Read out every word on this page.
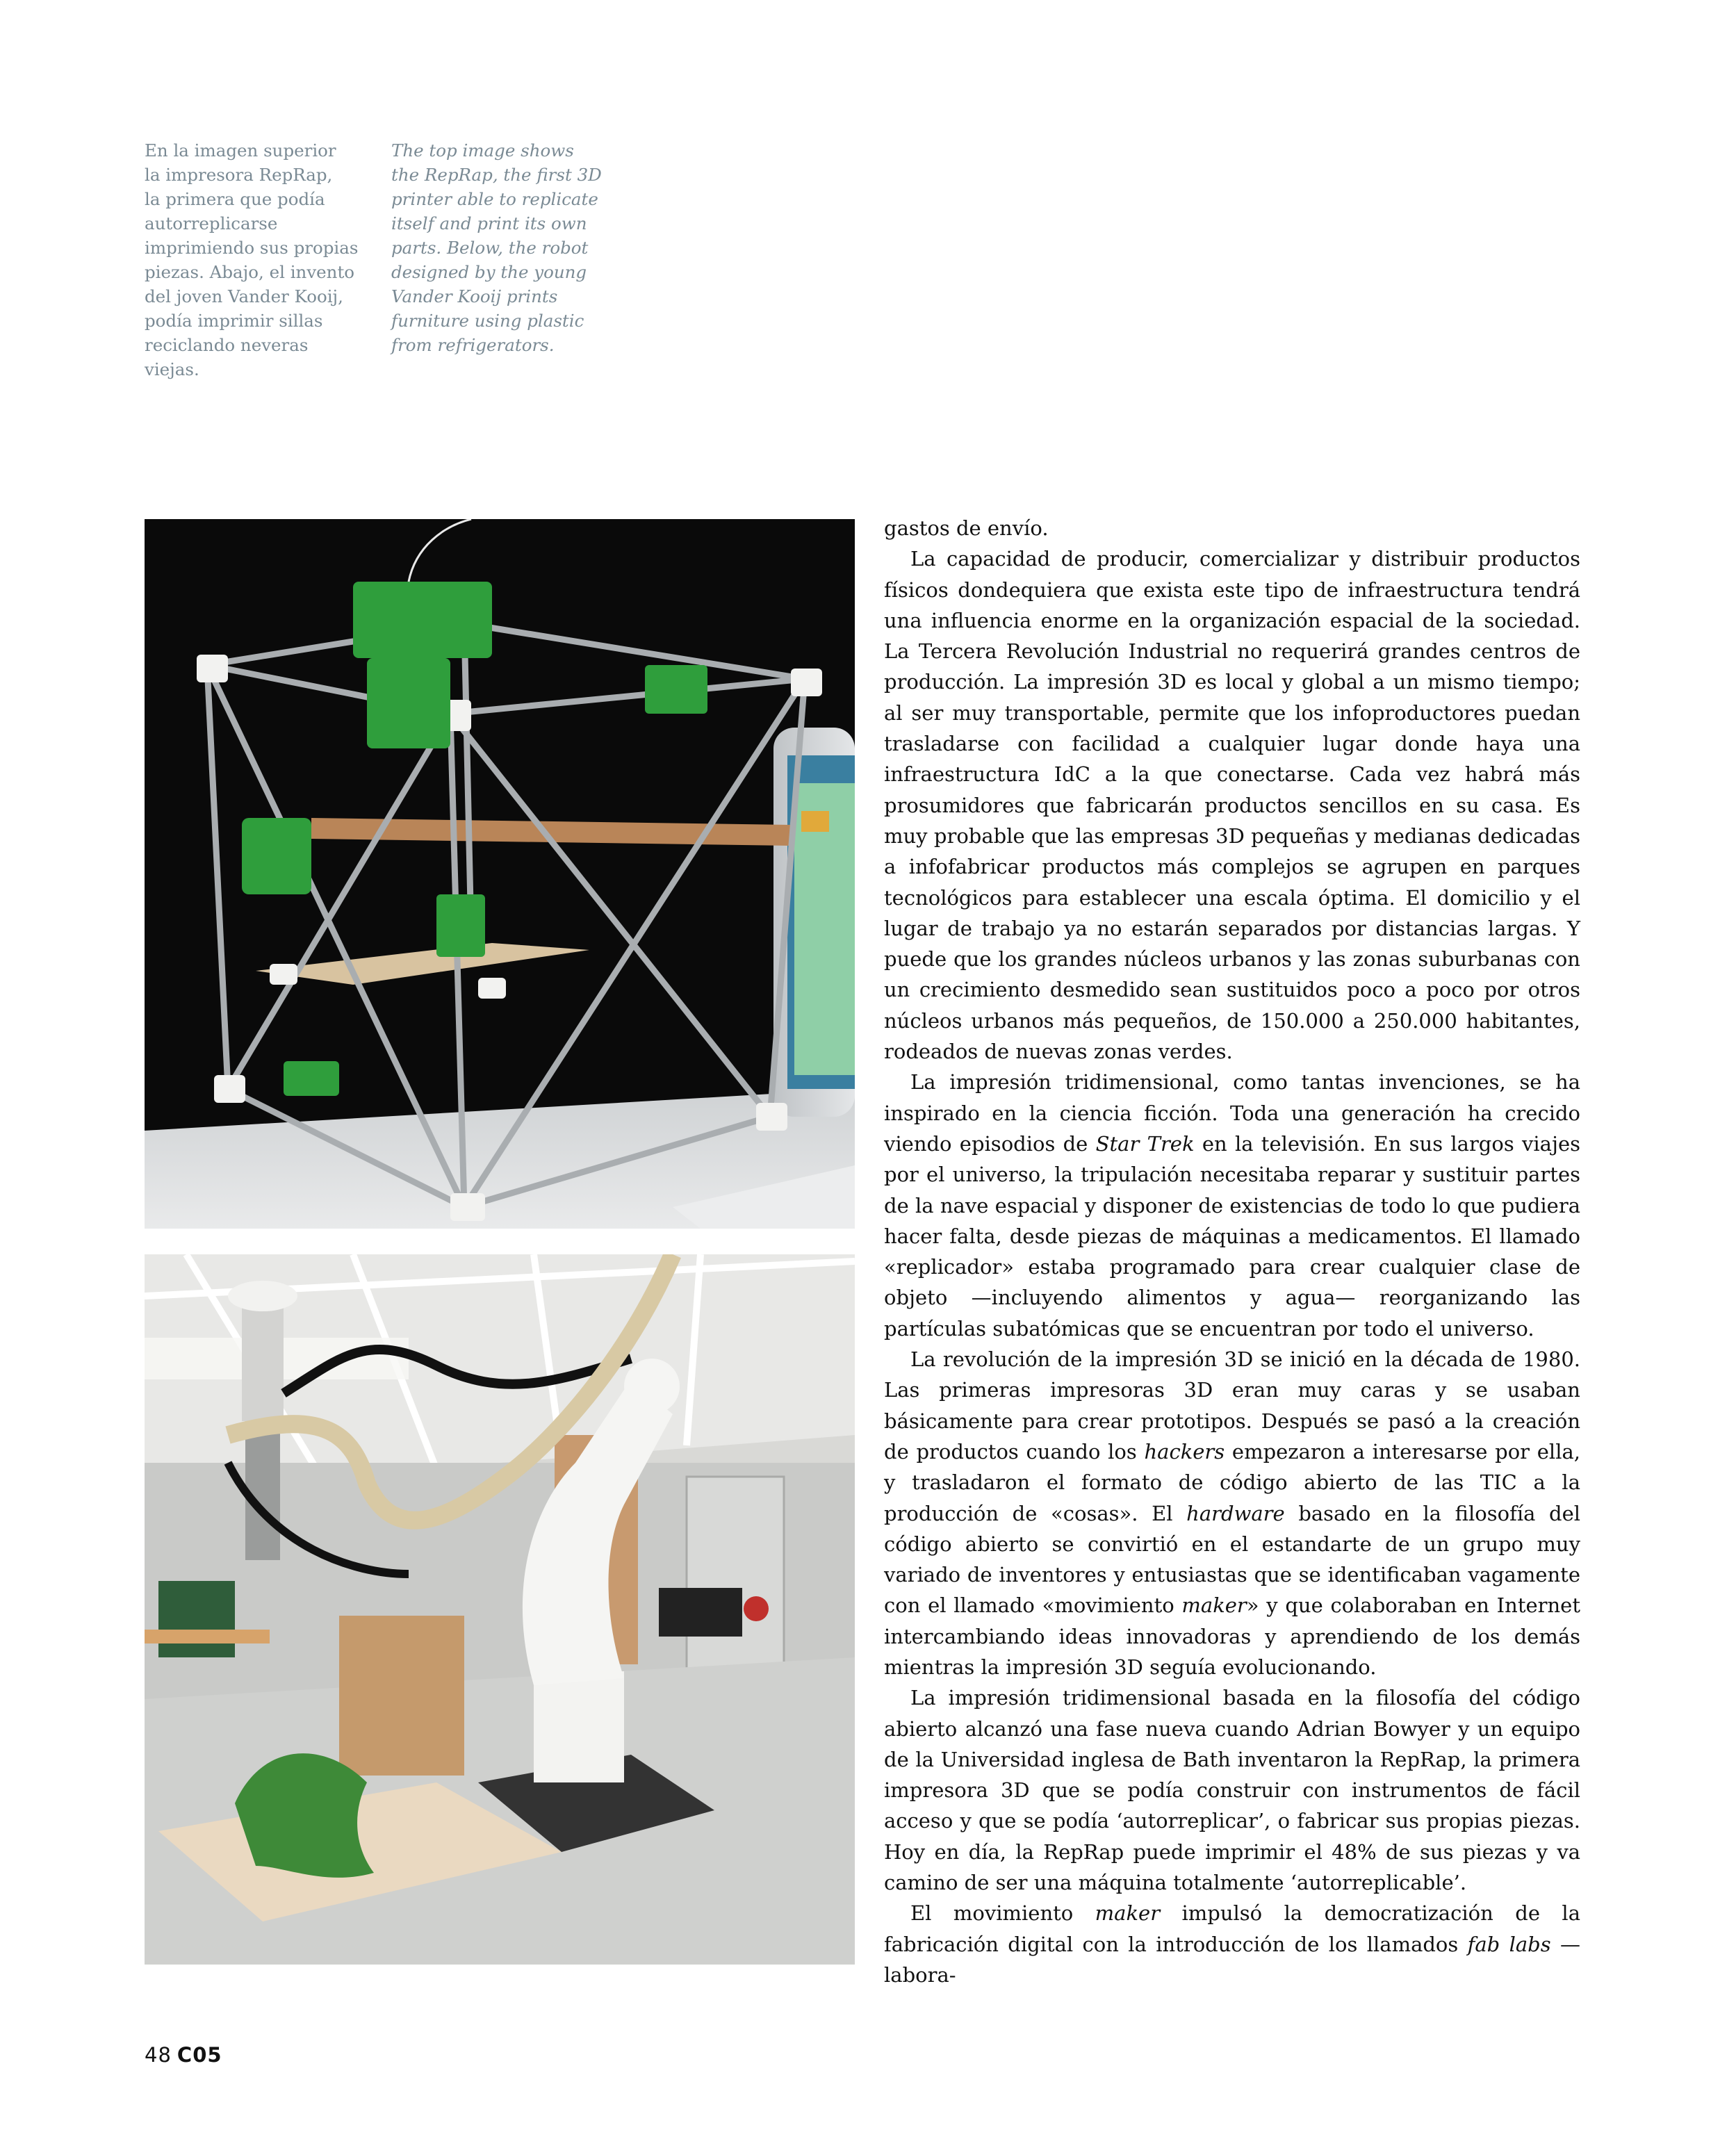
En la imagen superior
la impresora RepRap,
la primera que podía
autorreplicarse
imprimiendo sus propias
piezas. Abajo, el invento
del joven Vander Kooij,
podía imprimir sillas
reciclando neveras viejas.

The top image shows
the RepRap, the first 3D
printer able to replicate
itself and print its own
parts. Below, the robot
designed by the young
Vander Kooij prints
furniture using plastic
from refrigerators.

gastos de envío.

La capacidad de producir, comercializar y distribuir productos físicos dondequiera que exista este tipo de infraestructura tendrá una influencia enorme en la organización espacial de la sociedad. La Tercera Revolución Industrial no requerirá grandes centros de producción. La impresión 3D es local y global a un mismo tiempo; al ser muy transportable, permite que los infoproductores puedan trasladarse con facilidad a cualquier lugar donde haya una infraestructura IdC a la que conectarse. Cada vez habrá más prosumidores que fabricarán productos sencillos en su casa. Es muy probable que las empresas 3D pequeñas y medianas dedicadas a infofabricar productos más complejos se agrupen en parques tecnológicos para establecer una escala óptima. El domicilio y el lugar de trabajo ya no estarán separados por distancias largas. Y puede que los grandes núcleos urbanos y las zonas suburbanas con un crecimiento desmedido sean sustituidos poco a poco por otros núcleos urbanos más pequeños, de 150.000 a 250.000 habitantes, rodeados de nuevas zonas verdes.

La impresión tridimensional, como tantas invenciones, se ha inspirado en la ciencia ficción. Toda una generación ha crecido viendo episodios de Star Trek en la televisión. En sus largos viajes por el universo, la tripulación necesitaba reparar y sustituir partes de la nave espacial y disponer de existencias de todo lo que pudiera hacer falta, desde piezas de máquinas a medicamentos. El llamado «replicador» estaba programado para crear cualquier clase de objeto —incluyendo alimentos y agua— reorganizando las partículas subatómicas que se encuentran por todo el universo.

La revolución de la impresión 3D se inició en la década de 1980. Las primeras impresoras 3D eran muy caras y se usaban básicamente para crear prototipos. Después se pasó a la creación de productos cuando los hackers empezaron a interesarse por ella, y trasladaron el formato de código abierto de las TIC a la producción de «cosas». El hardware basado en la filosofía del código abierto se convirtió en el estandarte de un grupo muy variado de inventores y entusiastas que se identificaban vagamente con el llamado «movimiento maker» y que colaboraban en Internet intercambiando ideas innovadoras y aprendiendo de los demás mientras la impresión 3D seguía evolucionando.

La impresión tridimensional basada en la filosofía del código abierto alcanzó una fase nueva cuando Adrian Bowyer y un equipo de la Universidad inglesa de Bath inventaron la RepRap, la primera impresora 3D que se podía construir con instrumentos de fácil acceso y que se podía ‘autorreplicar’, o fabricar sus propias piezas. Hoy en día, la RepRap puede imprimir el 48% de sus piezas y va camino de ser una máquina totalmente ‘autorreplicable’.

El movimiento maker impulsó la democratización de la fabricación digital con la introducción de los llamados fab labs —labora-

48 C05
